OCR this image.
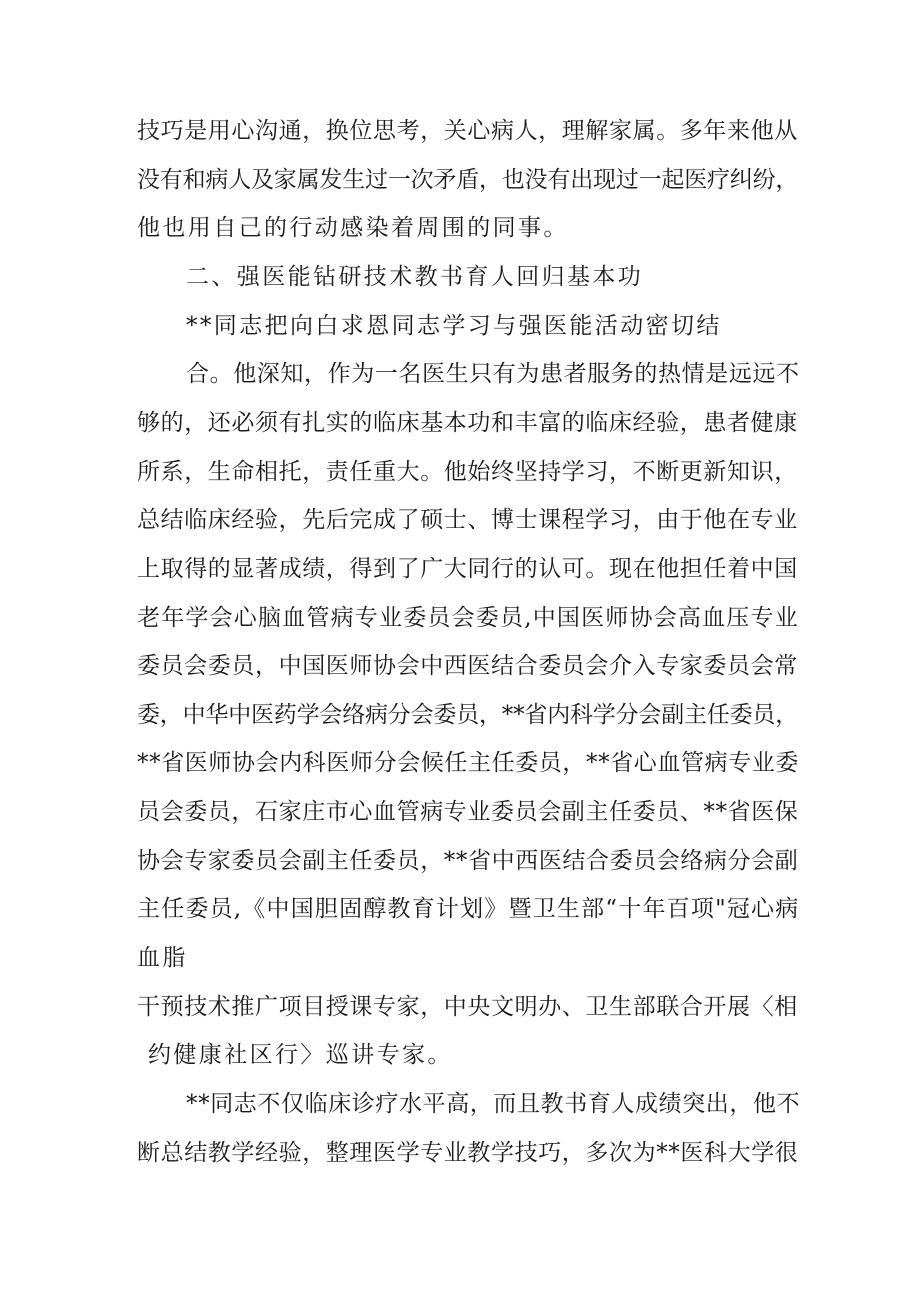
技巧是用心沟通，换位思考，关心病人，理解家属。多年来他从
没有和病人及家属发生过一次矛盾，也没有出现过一起医疗纠纷，
他也用自己的行动感染着周围的同事。
二、强医能钻研技术教书育人回归基本功
**同志把向白求恩同志学习与强医能活动密切结
合。他深知，作为一名医生只有为患者服务的热情是远远不
够的，还必须有扎实的临床基本功和丰富的临床经验，患者健康
所系，生命相托，责任重大。他始终坚持学习，不断更新知识，
总结临床经验，先后完成了硕士、博士课程学习，由于他在专业
上取得的显著成绩，得到了广大同行的认可。现在他担任着中国
老年学会心脑血管病专业委员会委员,中国医师协会高血压专业
委员会委员，中国医师协会中西医结合委员会介入专家委员会常
委，中华中医药学会络病分会委员，**省内科学分会副主任委员，
**省医师协会内科医师分会候任主任委员，**省心血管病专业委
员会委员，石家庄市心血管病专业委员会副主任委员、**省医保
协会专家委员会副主任委员，**省中西医结合委员会络病分会副
主任委员,《中国胆固醇教育计划》暨卫生部“十年百项"冠心病
血脂
干预技术推广项目授课专家，中央文明办、卫生部联合开展〈相
约健康社区行〉巡讲专家。
**同志不仅临床诊疗水平高，而且教书育人成绩突出，他不
断总结教学经验，整理医学专业教学技巧，多次为**医科大学很
